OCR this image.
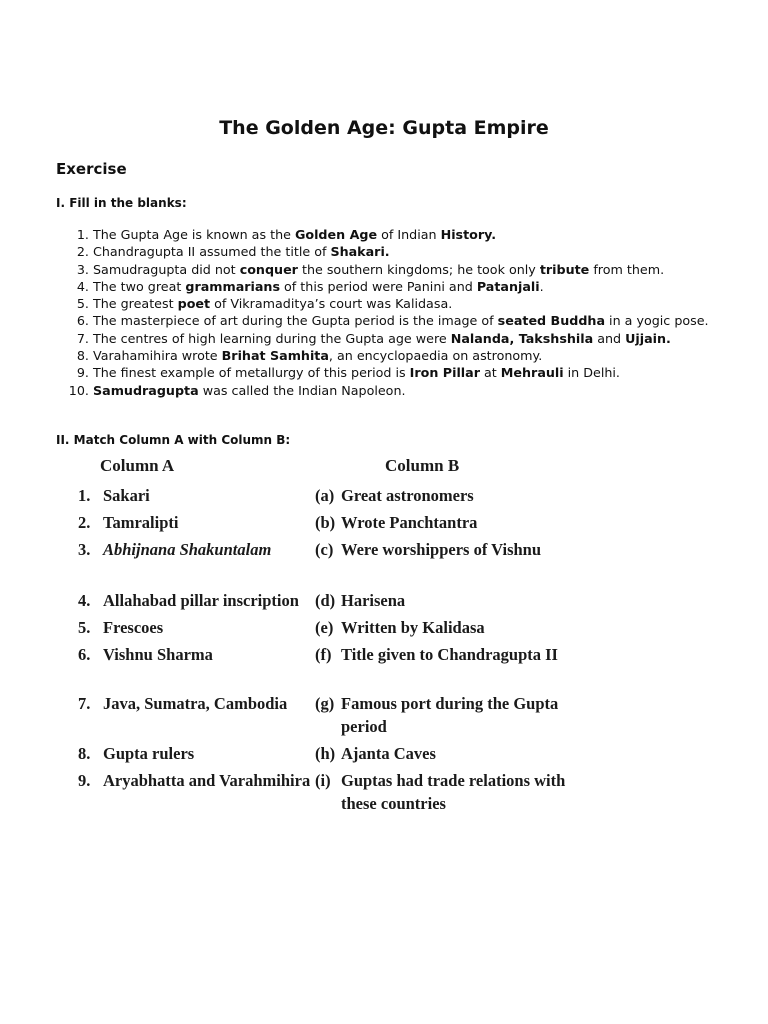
The Golden Age: Gupta Empire
Exercise
I. Fill in the blanks:
1. The Gupta Age is known as the Golden Age of Indian History.
2. Chandragupta II assumed the title of Shakari.
3. Samudragupta did not conquer the southern kingdoms; he took only tribute from them.
4. The two great grammarians of this period were Panini and Patanjali.
5. The greatest poet of Vikramaditya’s court was Kalidasa.
6. The masterpiece of art during the Gupta period is the image of seated Buddha in a yogic pose.
7. The centres of high learning during the Gupta age were Nalanda, Takshshila and Ujjain.
8. Varahamihira wrote Brihat Samhita, an encyclopaedia on astronomy.
9. The finest example of metallurgy of this period is Iron Pillar at Mehrauli in Delhi.
10. Samudragupta was called the Indian Napoleon.
II. Match Column A with Column B:
Column A	Column B
1. Sakari	(a) Great astronomers
2. Tamralipti	(b) Wrote Panchtantra
3. Abhijnana Shakuntalam	(c) Were worshippers of Vishnu
4. Allahabad pillar inscription (d) Harisena
5. Frescoes	(e) Written by Kalidasa
6. Vishnu Sharma	(f) Title given to Chandragupta II
7. Java, Sumatra, Cambodia	(g) Famous port during the Gupta period
8. Gupta rulers	(h) Ajanta Caves
9. Aryabhatta and Varahmihira (i) Guptas had trade relations with these countries
